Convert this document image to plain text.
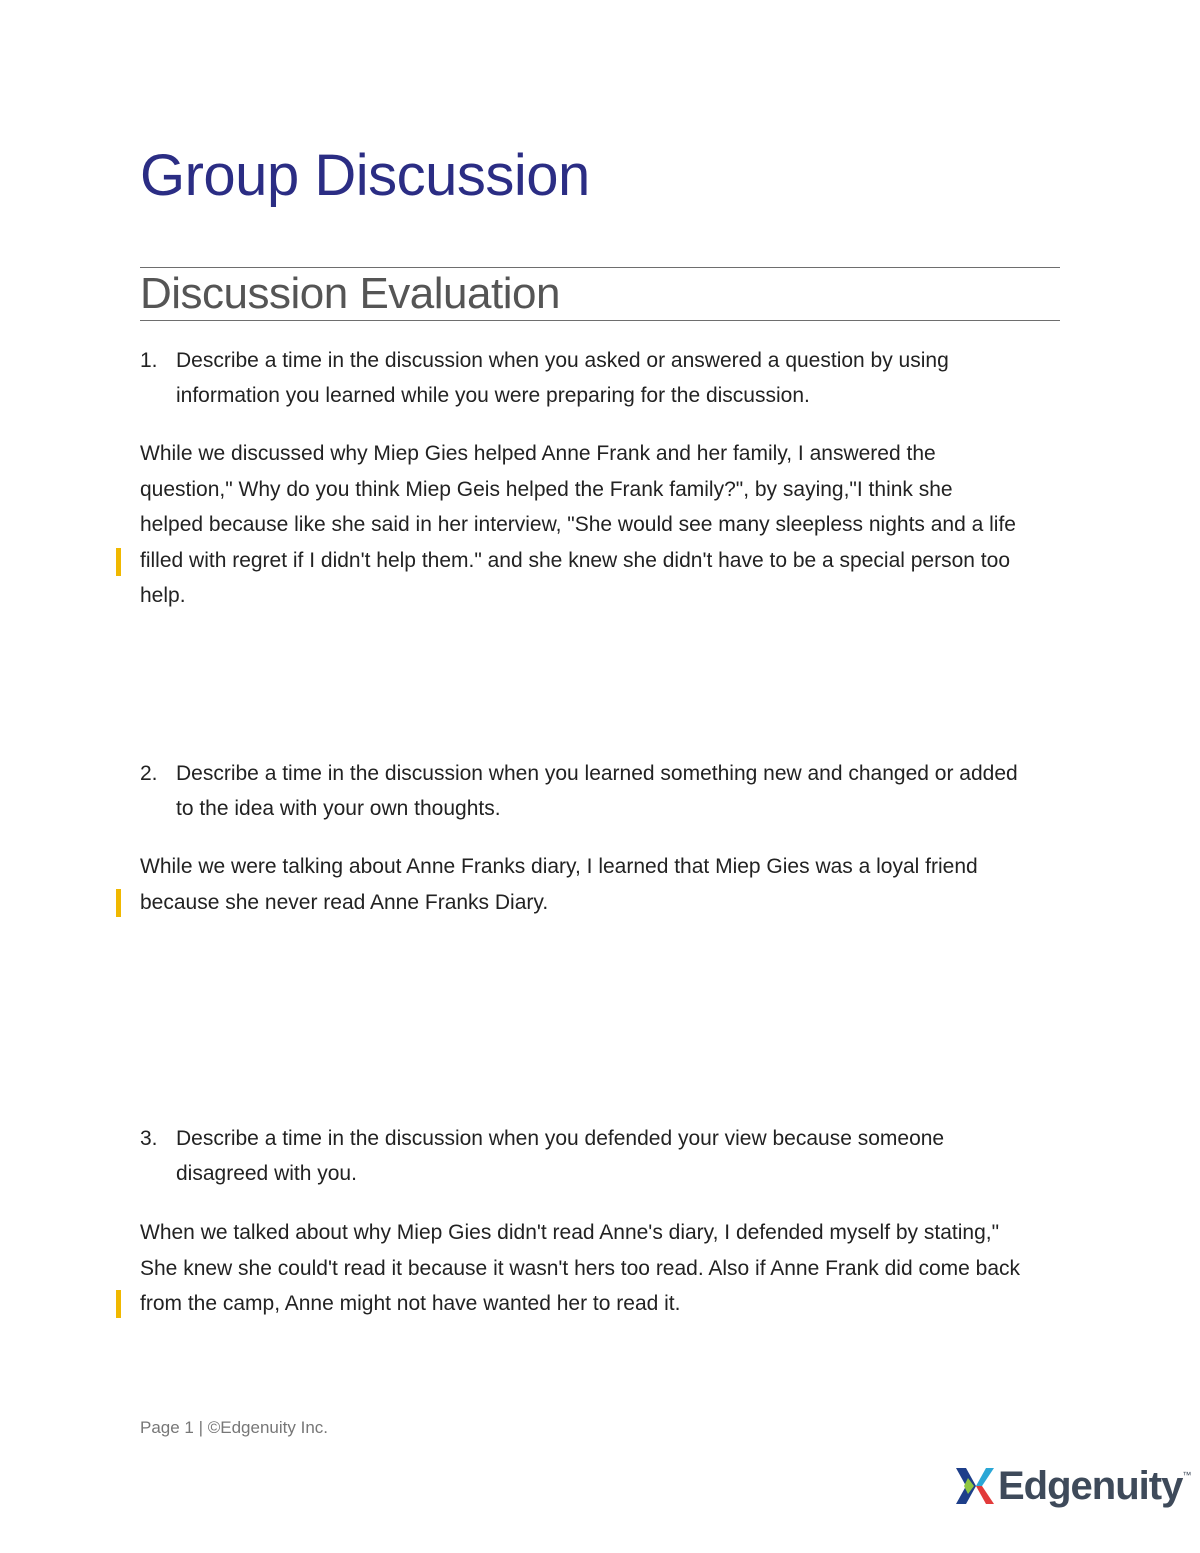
Group Discussion
Discussion Evaluation
1. Describe a time in the discussion when you asked or answered a question by using information you learned while you were preparing for the discussion.

While we discussed why Miep Gies helped Anne Frank and her family, I answered the question," Why do you think Miep Geis helped the Frank family?", by saying,"I think she helped because like she said in her interview, "She would see many sleepless nights and a life filled with regret if I didn't help them." and she knew she didn't have to be a special person too help.

2. Describe a time in the discussion when you learned something new and changed or added to the idea with your own thoughts.

While we were talking about Anne Franks diary, I learned that Miep Gies was a loyal friend because she never read Anne Franks Diary.

3. Describe a time in the discussion when you defended your view because someone disagreed with you.

When we talked about why Miep Gies didn't read Anne's diary, I defended myself by stating," She knew she could't read it because it wasn't hers too read. Also if Anne Frank did come back from the camp, Anne might not have wanted her to read it.

Page 1 | ©Edgenuity Inc.
Edgenuity ™
